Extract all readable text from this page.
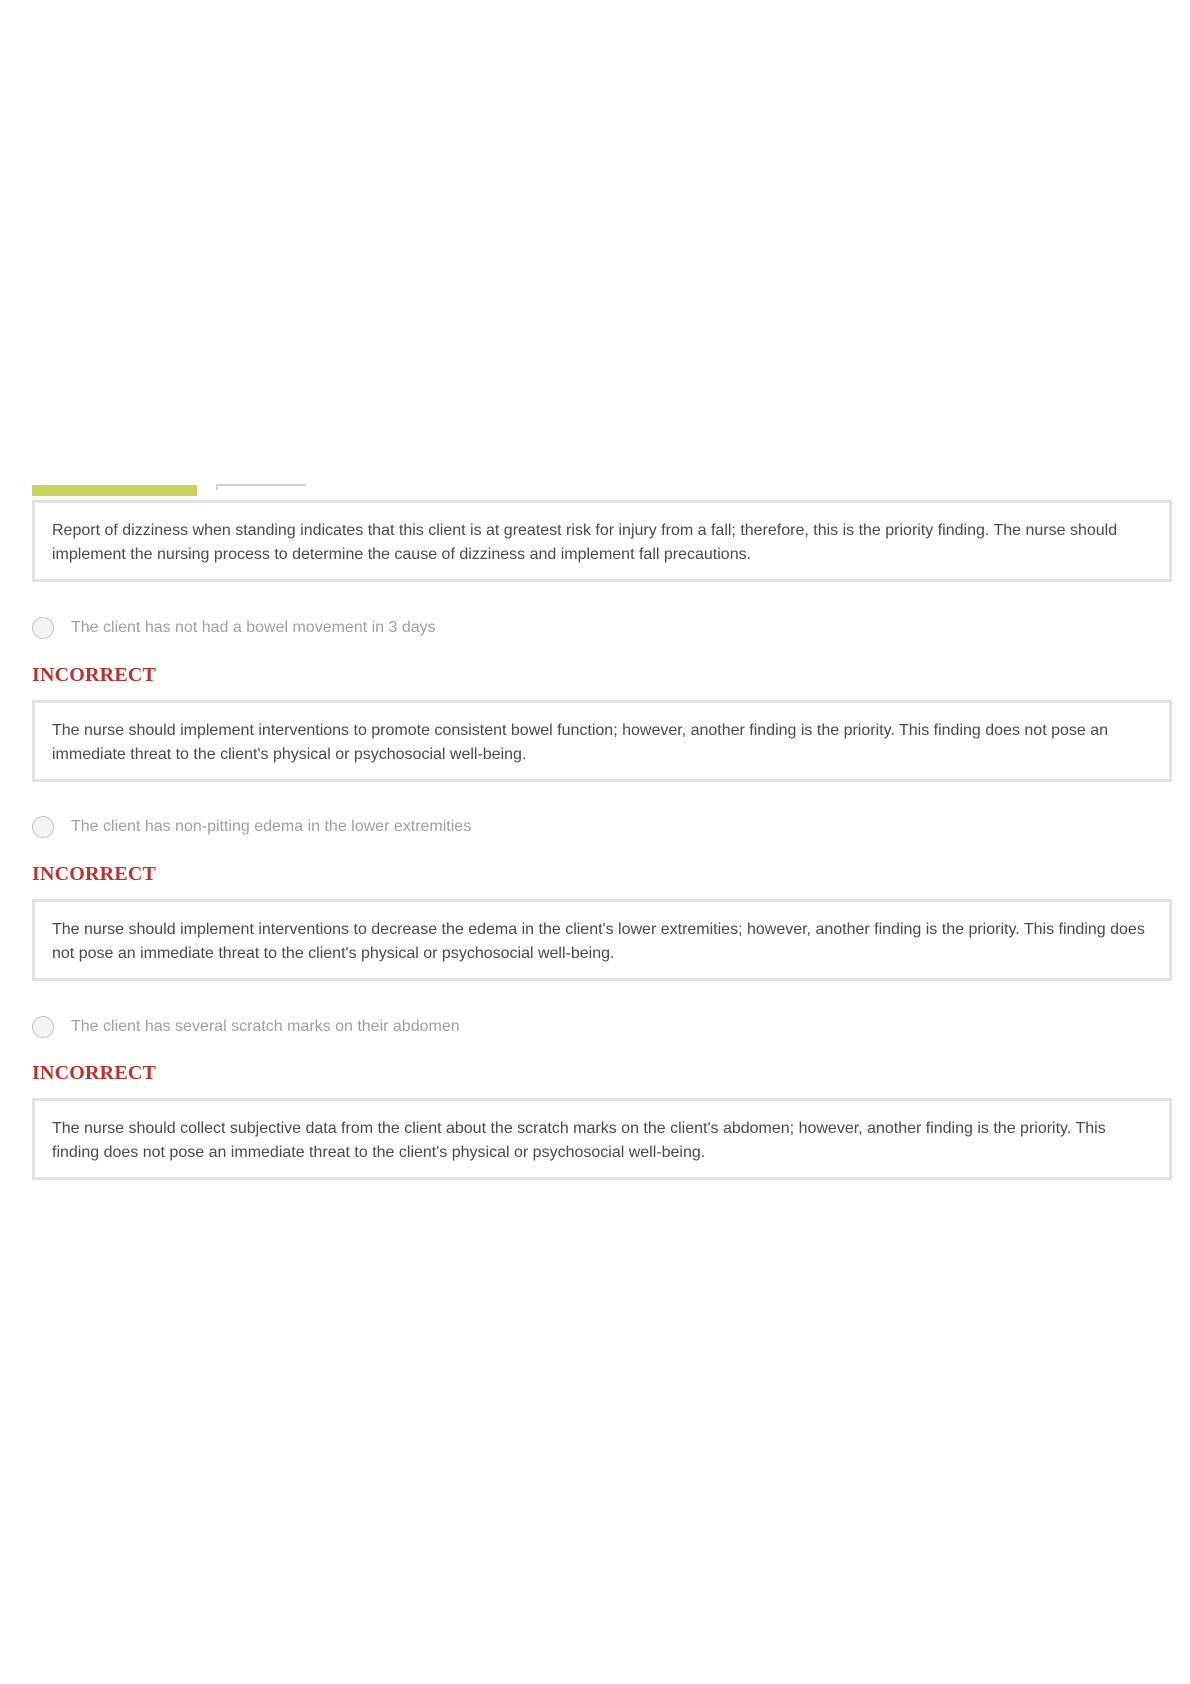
Report of dizziness when standing indicates that this client is at greatest risk for injury from a fall; therefore, this is the priority finding. The nurse should implement the nursing process to determine the cause of dizziness and implement fall precautions.
The client has not had a bowel movement in 3 days
INCORRECT
The nurse should implement interventions to promote consistent bowel function; however, another finding is the priority. This finding does not pose an immediate threat to the client's physical or psychosocial well-being.
The client has non-pitting edema in the lower extremities
INCORRECT
The nurse should implement interventions to decrease the edema in the client's lower extremities; however, another finding is the priority. This finding does not pose an immediate threat to the client's physical or psychosocial well-being.
The client has several scratch marks on their abdomen
INCORRECT
The nurse should collect subjective data from the client about the scratch marks on the client's abdomen; however, another finding is the priority. This finding does not pose an immediate threat to the client's physical or psychosocial well-being.
